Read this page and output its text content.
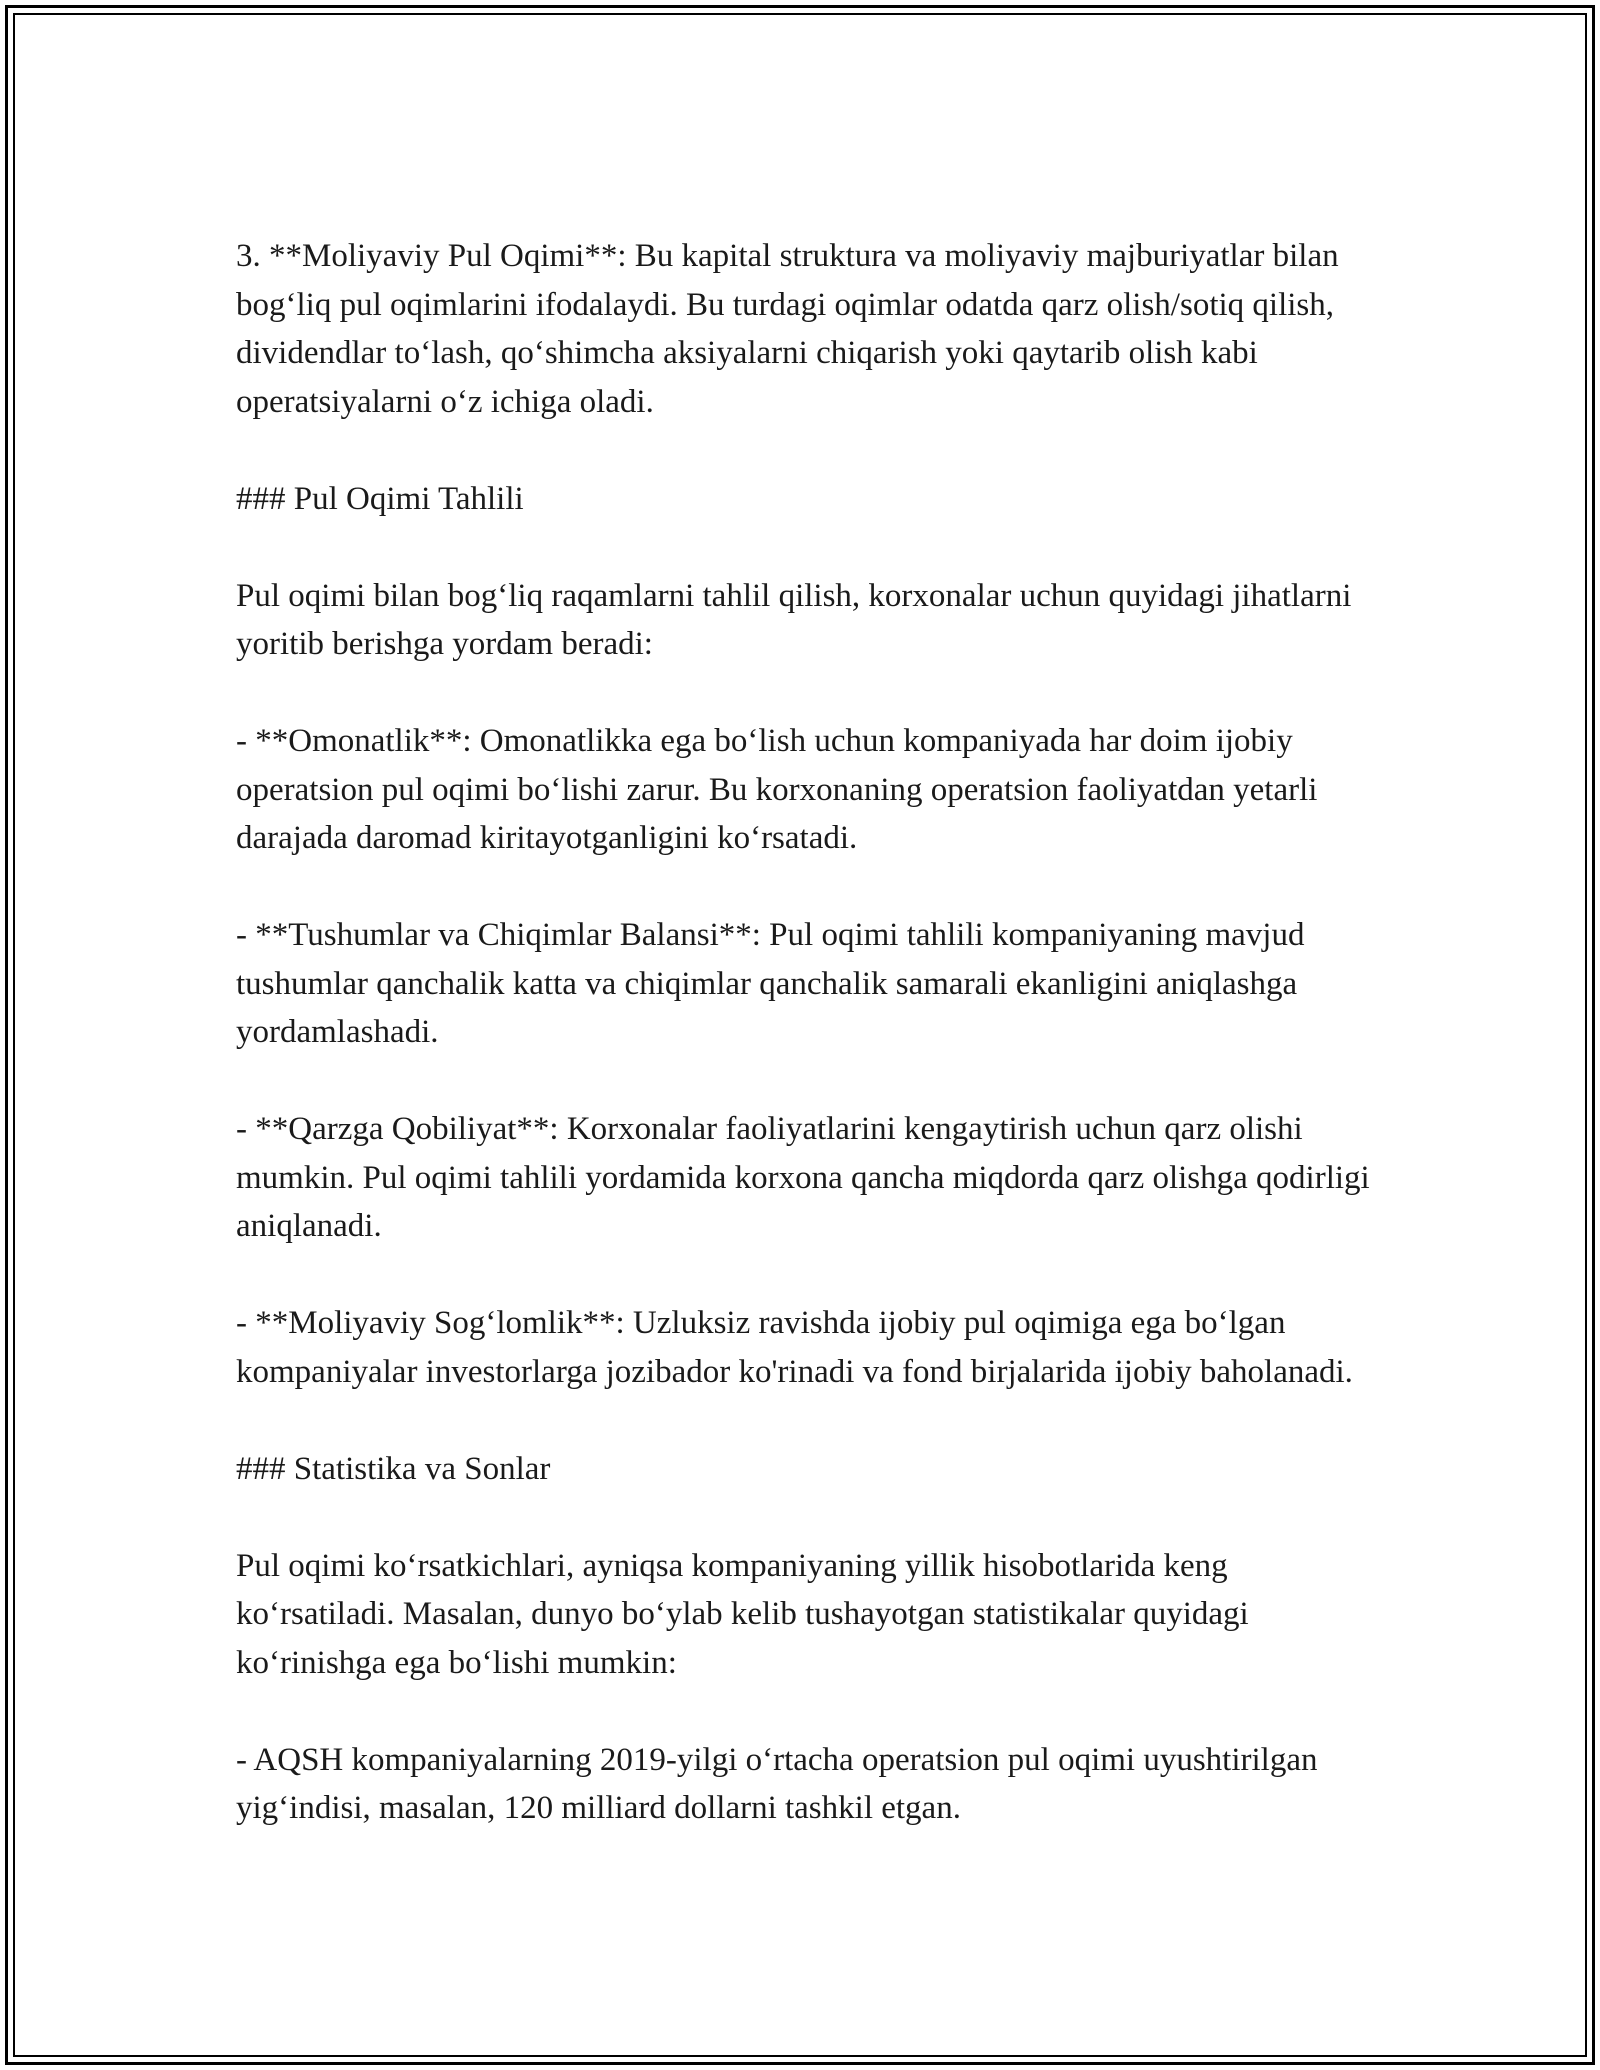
3. **Moliyaviy Pul Oqimi**: Bu kapital struktura va moliyaviy majburiyatlar bilan bog‘liq pul oqimlarini ifodalaydi. Bu turdagi oqimlar odatda qarz olish/sotiq qilish, dividendlar to‘lash, qo‘shimcha aksiyalarni chiqarish yoki qaytarib olish kabi operatsiyalarni o‘z ichiga oladi.

### Pul Oqimi Tahlili

Pul oqimi bilan bog‘liq raqamlarni tahlil qilish, korxonalar uchun quyidagi jihatlarni yoritib berishga yordam beradi:

- **Omonatlik**: Omonatlikka ega bo‘lish uchun kompaniyada har doim ijobiy operatsion pul oqimi bo‘lishi zarur. Bu korxonaning operatsion faoliyatdan yetarli darajada daromad kiritayotganligini ko‘rsatadi.

- **Tushumlar va Chiqimlar Balansi**: Pul oqimi tahlili kompaniyaning mavjud tushumlar qanchalik katta va chiqimlar qanchalik samarali ekanligini aniqlashga yordamlashadi.

- **Qarzga Qobiliyat**: Korxonalar faoliyatlarini kengaytirish uchun qarz olishi mumkin. Pul oqimi tahlili yordamida korxona qancha miqdorda qarz olishga qodirligi aniqlanadi.

- **Moliyaviy Sog‘lomlik**: Uzluksiz ravishda ijobiy pul oqimiga ega bo‘lgan kompaniyalar investorlarga jozibador ko'rinadi va fond birjalarida ijobiy baholanadi.

### Statistika va Sonlar

Pul oqimi ko‘rsatkichlari, ayniqsa kompaniyaning yillik hisobotlarida keng ko‘rsatiladi. Masalan, dunyo bo‘ylab kelib tushayotgan statistikalar quyidagi ko‘rinishga ega bo‘lishi mumkin:

- AQSH kompaniyalarning 2019-yilgi o‘rtacha operatsion pul oqimi uyushtirilgan yig‘indisi, masalan, 120 milliard dollarni tashkil etgan.
